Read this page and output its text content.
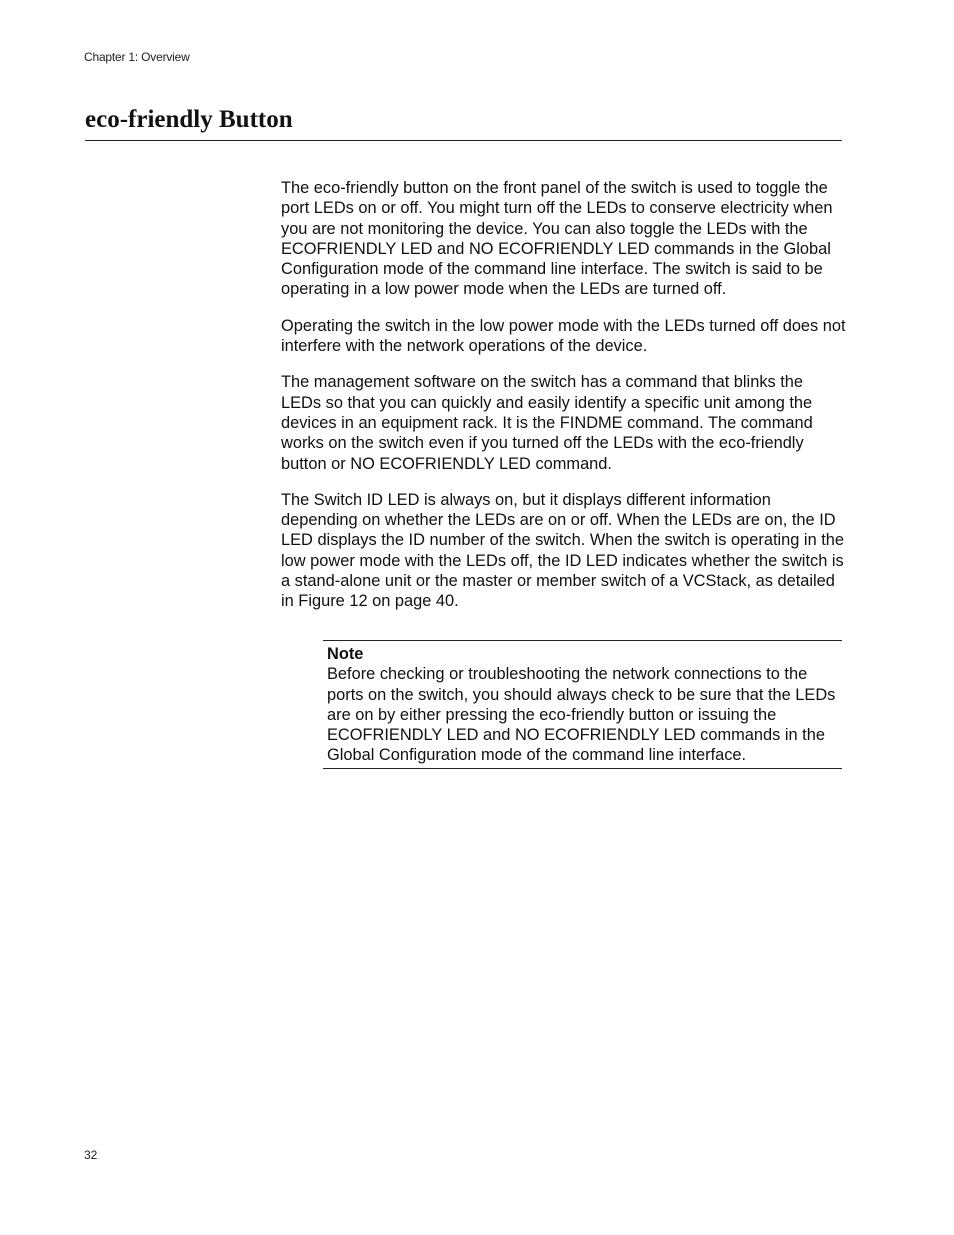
Chapter 1: Overview
eco-friendly Button

The eco-friendly button on the front panel of the switch is used to toggle the port LEDs on or off. You might turn off the LEDs to conserve electricity when you are not monitoring the device. You can also toggle the LEDs with the ECOFRIENDLY LED and NO ECOFRIENDLY LED commands in the Global Configuration mode of the command line interface. The switch is said to be operating in a low power mode when the LEDs are turned off.

Operating the switch in the low power mode with the LEDs turned off does not interfere with the network operations of the device.

The management software on the switch has a command that blinks the LEDs so that you can quickly and easily identify a specific unit among the devices in an equipment rack. It is the FINDME command. The command works on the switch even if you turned off the LEDs with the eco-friendly button or NO ECOFRIENDLY LED command.

The Switch ID LED is always on, but it displays different information depending on whether the LEDs are on or off. When the LEDs are on, the ID LED displays the ID number of the switch. When the switch is operating in the low power mode with the LEDs off, the ID LED indicates whether the switch is a stand-alone unit or the master or member switch of a VCStack, as detailed in Figure 12 on page 40.

Note

Before checking or troubleshooting the network connections to the ports on the switch, you should always check to be sure that the LEDs are on by either pressing the eco-friendly button or issuing the ECOFRIENDLY LED and NO ECOFRIENDLY LED commands in the Global Configuration mode of the command line interface.

32
